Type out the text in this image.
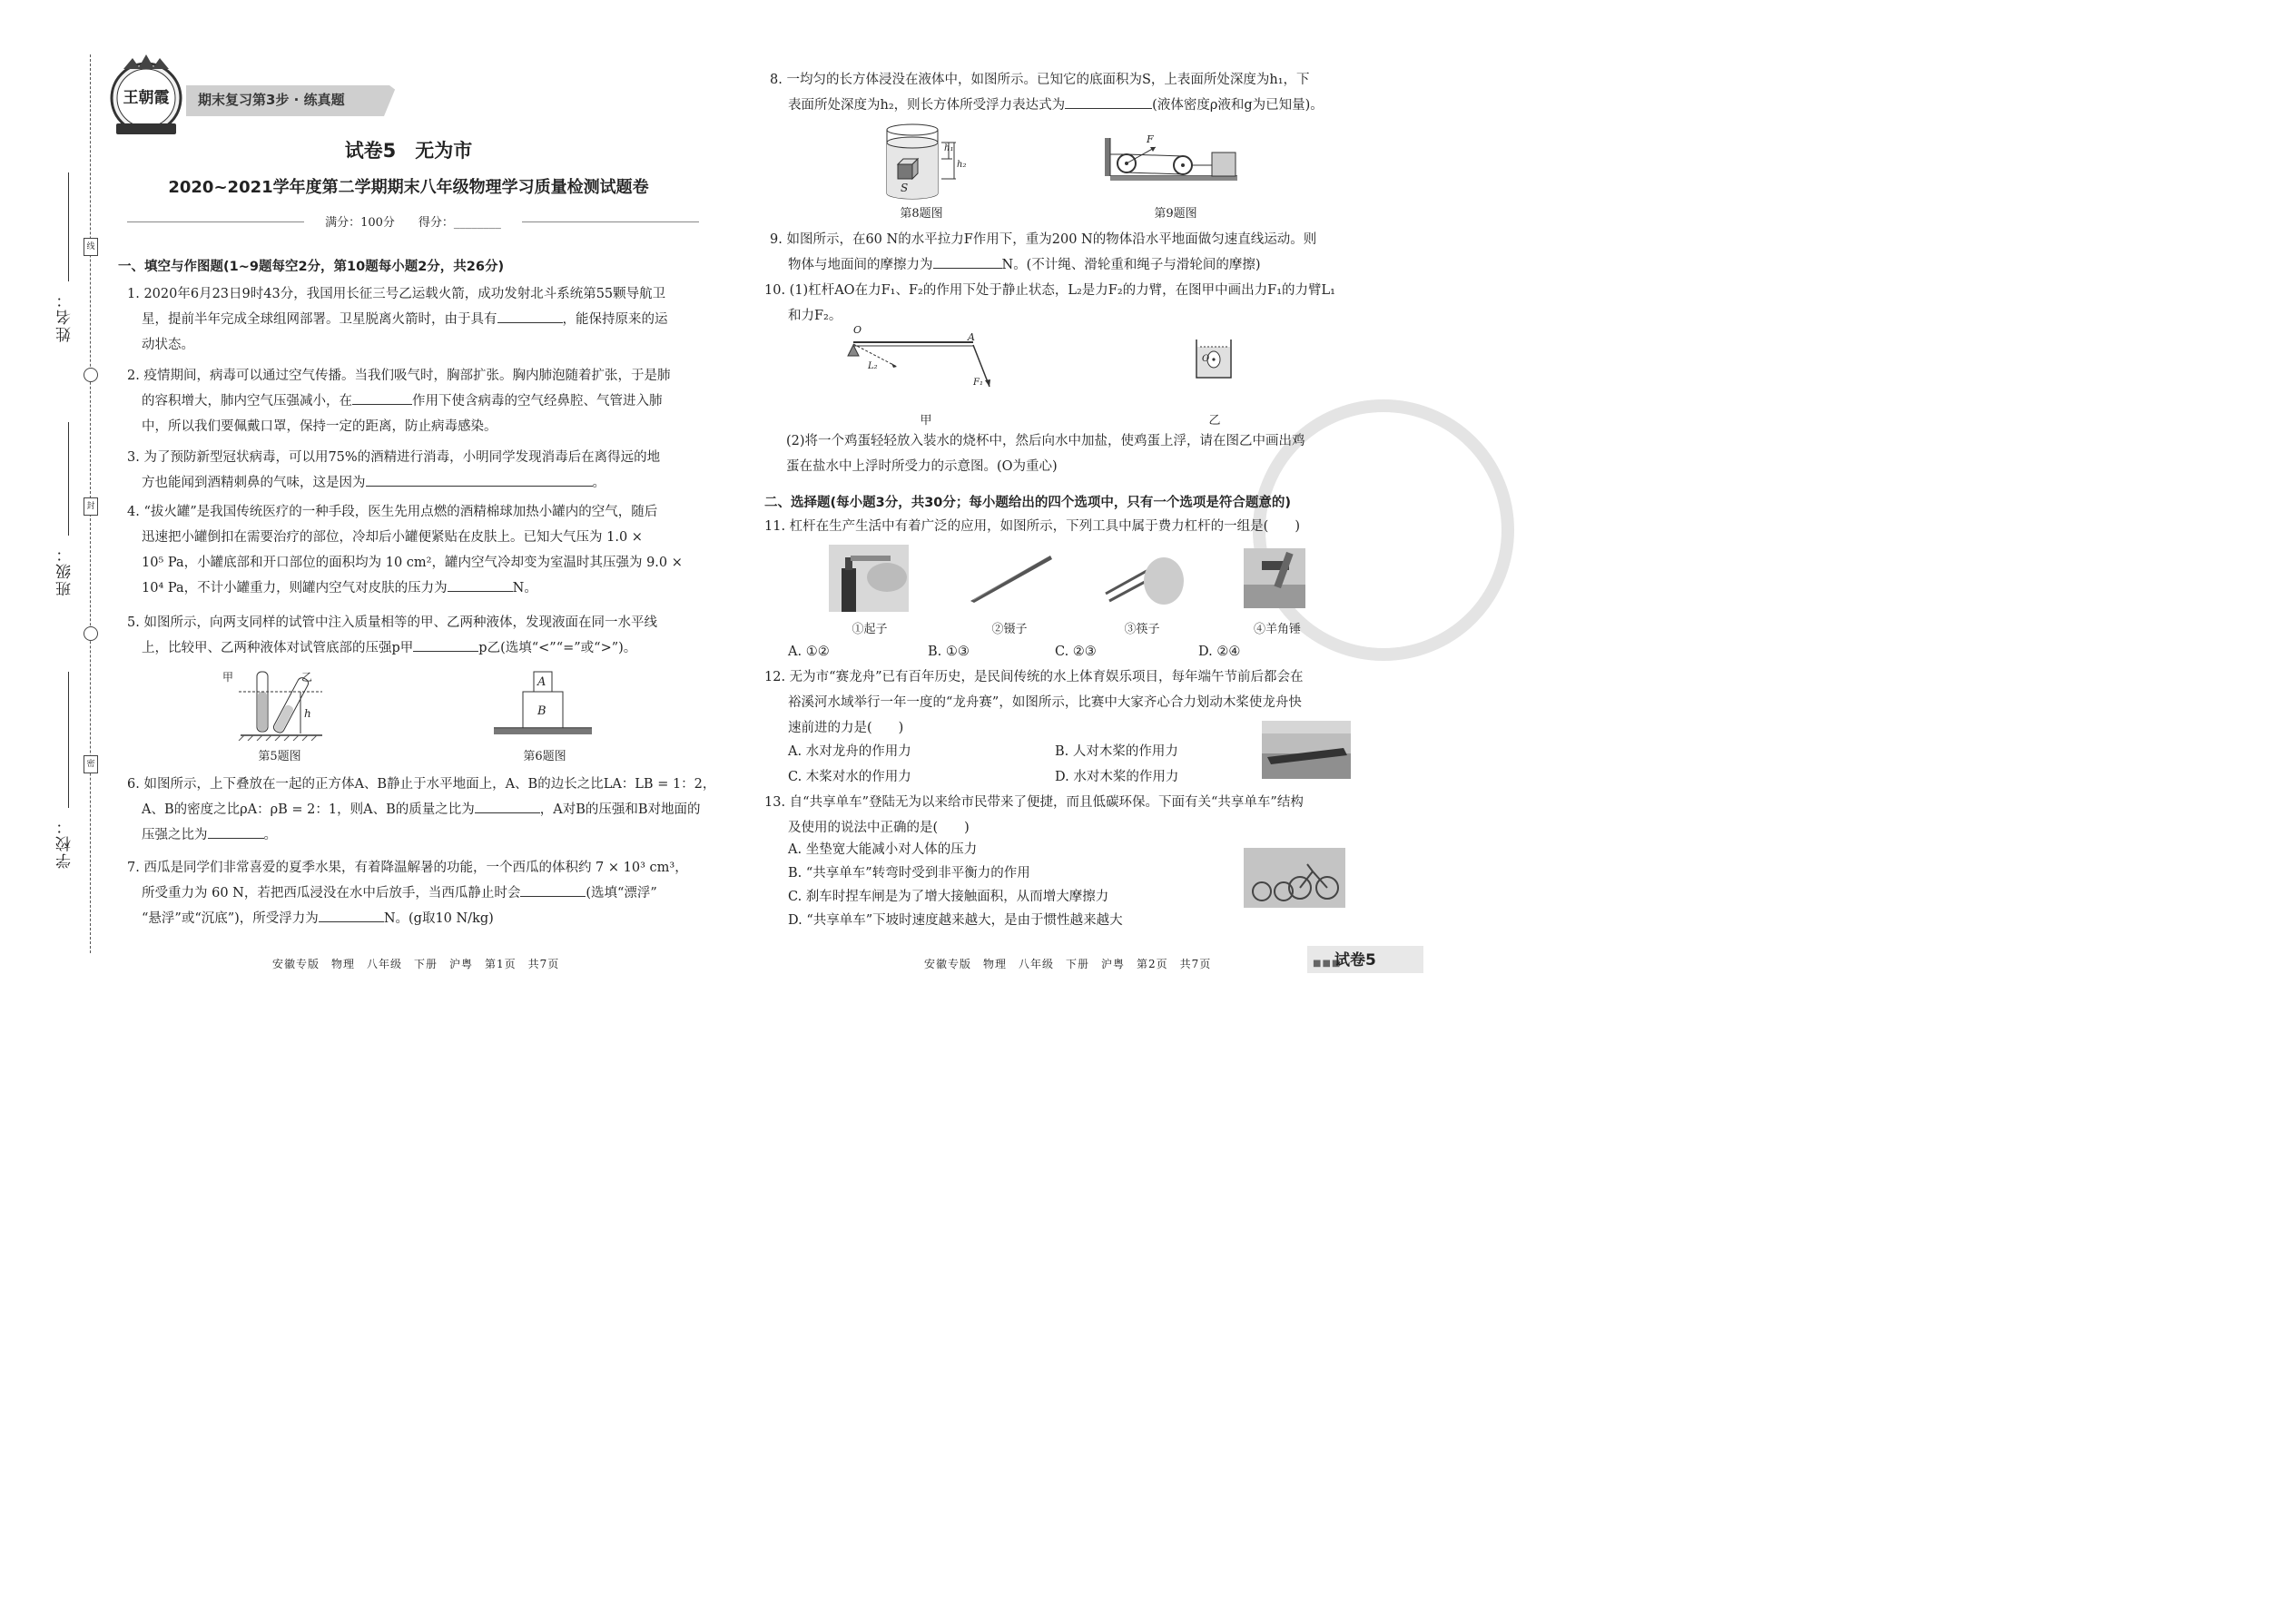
姓名：
班级：
学校：
线
封
密
王朝霞	期末复习第3步 · 练真题
试卷5　无为市
2020~2021学年度第二学期期末八年级物理学习质量检测试题卷
满分：100分　　得分：________
一、填空与作图题(1~9题每空2分，第10题每小题2分，共26分)
1. 2020年6月23日9时43分，我国用长征三号乙运载火箭，成功发射北斗系统第55颗导航卫
星，提前半年完成全球组网部署。卫星脱离火箭时，由于具有	，能保持原来的运
动状态。
2. 疫情期间，病毒可以通过空气传播。当我们吸气时，胸部扩张。胸内肺泡随着扩张，于是肺
的容积增大，肺内空气压强减小，在	作用下使含病毒的空气经鼻腔、气管进入肺
中，所以我们要佩戴口罩，保持一定的距离，防止病毒感染。
3. 为了预防新型冠状病毒，可以用75%的酒精进行消毒，小明同学发现消毒后在离得远的地
方也能闻到酒精刺鼻的气味，这是因为	。
4. “拔火罐”是我国传统医疗的一种手段，医生先用点燃的酒精棉球加热小罐内的空气，随后
迅速把小罐倒扣在需要治疗的部位，冷却后小罐便紧贴在皮肤上。已知大气压为 1.0 ×
10⁵ Pa，小罐底部和开口部位的面积均为 10 cm²，罐内空气冷却变为室温时其压强为 9.0 ×
10⁴ Pa，不计小罐重力，则罐内空气对皮肤的压力为	N。
5. 如图所示，向两支同样的试管中注入质量相等的甲、乙两种液体，发现液面在同一水平线
上，比较甲、乙两种液体对试管底部的压强p甲	p乙(选填“<”“=”或“>”)。
甲	乙
h
A
B
第5题图	第6题图
6. 如图所示，上下叠放在一起的正方体A、B静止于水平地面上，A、B的边长之比LA：LB = 1：2，
A、B的密度之比ρA：ρB = 2：1，则A、B的质量之比为	，A对B的压强和B对地面的
压强之比为	。
7. 西瓜是同学们非常喜爱的夏季水果，有着降温解暑的功能，一个西瓜的体积约 7 × 10³ cm³，
所受重力为 60 N，若把西瓜浸没在水中后放手，当西瓜静止时会	(选填“漂浮”
“悬浮”或“沉底”)，所受浮力为	N。(g取10 N/kg)
安徽专版　物理　八年级　下册　沪粤　第1页　共7页
8. 一均匀的长方体浸没在液体中，如图所示。已知它的底面积为S，上表面所处深度为h₁，下
表面所处深度为h₂，则长方体所受浮力表达式为	(液体密度ρ液和g为已知量)。
h₁
h₂
S
F
第8题图	第9题图
9. 如图所示，在60 N的水平拉力F作用下，重为200 N的物体沿水平地面做匀速直线运动。则
物体与地面间的摩擦力为	N。(不计绳、滑轮重和绳子与滑轮间的摩擦)
10. (1)杠杆AO在力F₁、F₂的作用下处于静止状态，L₂是力F₂的力臂，在图甲中画出力F₁的力臂L₁
和力F₂。
O
A
L₂
F₁
O
甲	乙
(2)将一个鸡蛋轻轻放入装水的烧杯中，然后向水中加盐，使鸡蛋上浮，请在图乙中画出鸡
蛋在盐水中上浮时所受力的示意图。(O为重心)
二、选择题(每小题3分，共30分；每小题给出的四个选项中，只有一个选项是符合题意的)
11. 杠杆在生产生活中有着广泛的应用，如图所示，下列工具中属于费力杠杆的一组是(　　)
①起子	②镊子	③筷子	④羊角锤
A. ①②	B. ①③	C. ②③	D. ②④
12. 无为市“赛龙舟”已有百年历史，是民间传统的水上体育娱乐项目，每年端午节前后都会在
裕溪河水域举行一年一度的“龙舟赛”，如图所示，比赛中大家齐心合力划动木桨使龙舟快
速前进的力是(　　)
A. 水对龙舟的作用力	B. 人对木桨的作用力
C. 木桨对水的作用力	D. 水对木桨的作用力
13. 自“共享单车”登陆无为以来给市民带来了便捷，而且低碳环保。下面有关“共享单车”结构
及使用的说法中正确的是(　　)
A. 坐垫宽大能减小对人体的压力
B. “共享单车”转弯时受到非平衡力的作用
C. 刹车时捏车闸是为了增大接触面积，从而增大摩擦力
D. “共享单车”下坡时速度越来越大，是由于惯性越来越大
安徽专版　物理　八年级　下册　沪粤　第2页　共7页	■■■
试卷5
